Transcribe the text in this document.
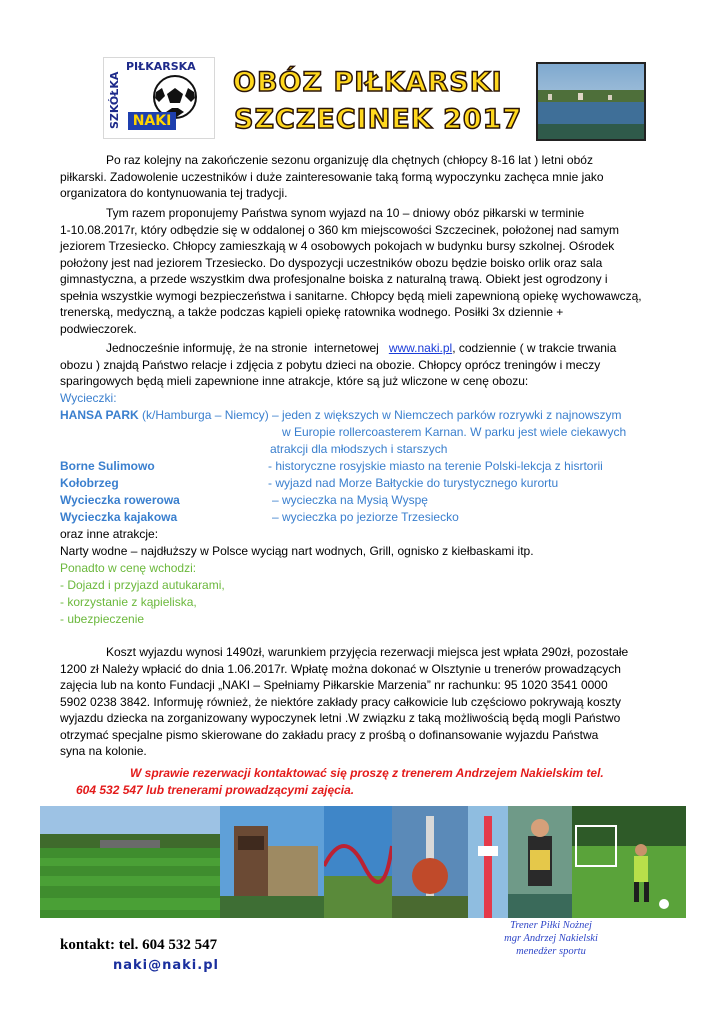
PIŁKARSKA
SZKÓŁKA NAKI
OBÓZ PIŁKARSKI
SZCZECINEK 2017
Po raz kolejny na zakończenie sezonu organizuję dla chętnych (chłopcy 8-16 lat ) letni obóz
piłkarski. Zadowolenie uczestników i duże zainteresowanie taką formą wypoczynku zachęca mnie jako
organizatora do kontynuowania tej tradycji.
Tym razem proponujemy Państwa synom wyjazd na 10 – dniowy obóz piłkarski w terminie
1-10.08.2017r, który odbędzie się w oddalonej o 360 km miejscowości Szczecinek, położonej nad samym
jeziorem Trzesiecko. Chłopcy zamieszkają w 4 osobowych pokojach w budynku bursy szkolnej. Ośrodek
położony jest nad jeziorem Trzesiecko. Do dyspozycji uczestników obozu będzie boisko orlik oraz sala
gimnastyczna, a przede wszystkim dwa profesjonalne boiska z naturalną trawą. Obiekt jest ogrodzony i
spełnia wszystkie wymogi bezpieczeństwa i sanitarne. Chłopcy będą mieli zapewnioną opiekę wychowawczą,
trenerską, medyczną, a także podczas kąpieli opiekę ratownika wodnego. Posiłki 3x dziennie +
podwieczorek.
Jednocześnie informuję, że na stronie  internetowej   www.naki.pl, codziennie ( w trakcie trwania
obozu ) znajdą Państwo relacje i zdjęcia z pobytu dzieci na obozie. Chłopcy oprócz treningów i meczy
sparingowych będą mieli zapewnione inne atrakcje, które są już wliczone w cenę obozu:
Wycieczki:
HANSA PARK (k/Hamburga – Niemcy) – jeden z większych w Niemczech parków rozrywki z najnowszym
w Europie rollercoasterem Karnan. W parku jest wiele ciekawych
atrakcji dla młodszych i starszych
Borne Sulimowo	- historyczne rosyjskie miasto na terenie Polski-lekcja z hisrtorii
Kołobrzeg	- wyjazd nad Morze Bałtyckie do turystycznego kurortu
Wycieczka rowerowa	– wycieczka na Mysią Wyspę
Wycieczka kajakowa	– wycieczka po jeziorze Trzesiecko
oraz inne atrakcje:
Narty wodne – najdłuższy w Polsce wyciąg nart wodnych, Grill, ognisko z kiełbaskami itp.
Ponadto w cenę wchodzi:
- Dojazd i przyjazd autukarami,
- korzystanie z kąpieliska,
- ubezpieczenie
Koszt wyjazdu wynosi 1490zł, warunkiem przyjęcia rezerwacji miejsca jest wpłata 290zł, pozostałe
1200 zł Należy wpłacić do dnia 1.06.2017r. Wpłatę można dokonać w Olsztynie u trenerów prowadzących
zajęcia lub na konto Fundacji „NAKI – Spełniamy Piłkarskie Marzenia” nr rachunku: 95 1020 3541 0000
5902 0238 3842. Informuję również, że niektóre zakłady pracy całkowicie lub częściowo pokrywają koszty
wyjazdu dziecka na zorganizowany wypoczynek letni .W związku z taką możliwością będą mogli Państwo
otrzymać specjalne pismo skierowane do zakładu pracy z prośbą o dofinansowanie wyjazdu Państwa
syna na kolonie.
W sprawie rezerwacji kontaktować się proszę z trenerem Andrzejem Nakielskim tel.
604 532 547 lub trenerami prowadzącymi zajęcia.
kontakt: tel. 604 532 547
naki@naki.pl
Trener Piłki Nożnej
mgr Andrzej Nakielski
menedżer sportu
